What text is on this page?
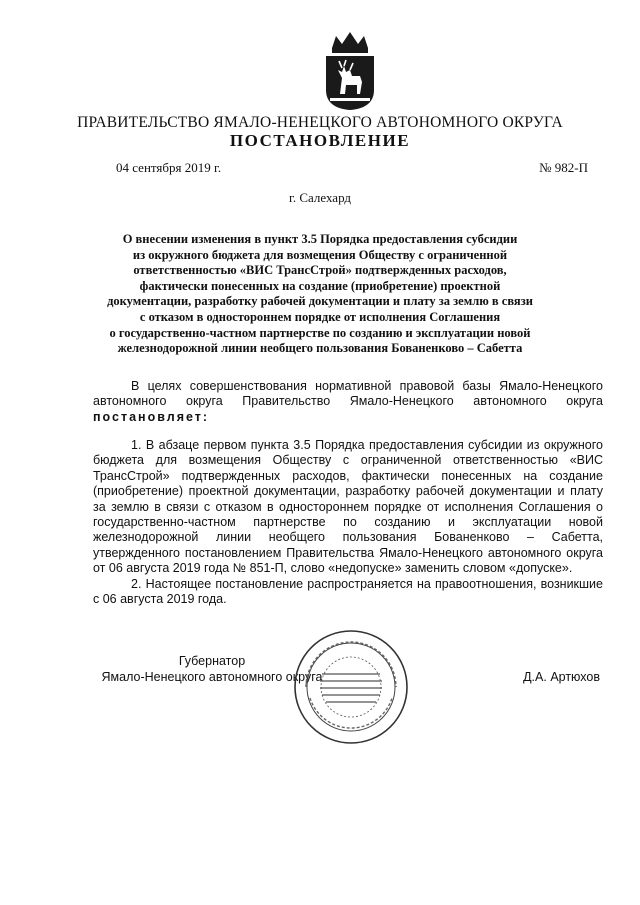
ПРАВИТЕЛЬСТВО ЯМАЛО-НЕНЕЦКОГО АВТОНОМНОГО ОКРУГА
ПОСТАНОВЛЕНИЕ
04 сентября 2019 г.	№ 982-П
г. Салехард
О внесении изменения в пункт 3.5 Порядка предоставления субсидии
из окружного бюджета для возмещения Обществу с ограниченной
ответственностью «ВИС ТрансСтрой» подтвержденных расходов,
фактически понесенных на создание (приобретение) проектной
документации, разработку рабочей документации и плату за землю в связи
с отказом в одностороннем порядке от исполнения Соглашения
о государственно-частном партнерстве по созданию и эксплуатации новой
железнодорожной линии необщего пользования Бованенково – Сабетта

В целях совершенствования нормативной правовой базы Ямало-Ненецкого автономного округа Правительство Ямало-Ненецкого автономного округа постановляет:

1. В абзаце первом пункта 3.5 Порядка предоставления субсидии из окружного бюджета для возмещения Обществу с ограниченной ответственностью «ВИС ТрансСтрой» подтвержденных расходов, фактически понесенных на создание (приобретение) проектной документации, разработку рабочей документации и плату за землю в связи с отказом в одностороннем порядке от исполнения Соглашения о государственно-частном партнерстве по созданию и эксплуатации новой железнодорожной линии необщего пользования Бованенково – Сабетта, утвержденного постановлением Правительства Ямало-Ненецкого автономного округа от 06 августа 2019 года № 851-П, слово «недопуске» заменить словом «допуске».

2. Настоящее постановление распространяется на правоотношения, возникшие с 06 августа 2019 года.

Губернатор
Ямало-Ненецкого автономного округа	Д.А. Артюхов
